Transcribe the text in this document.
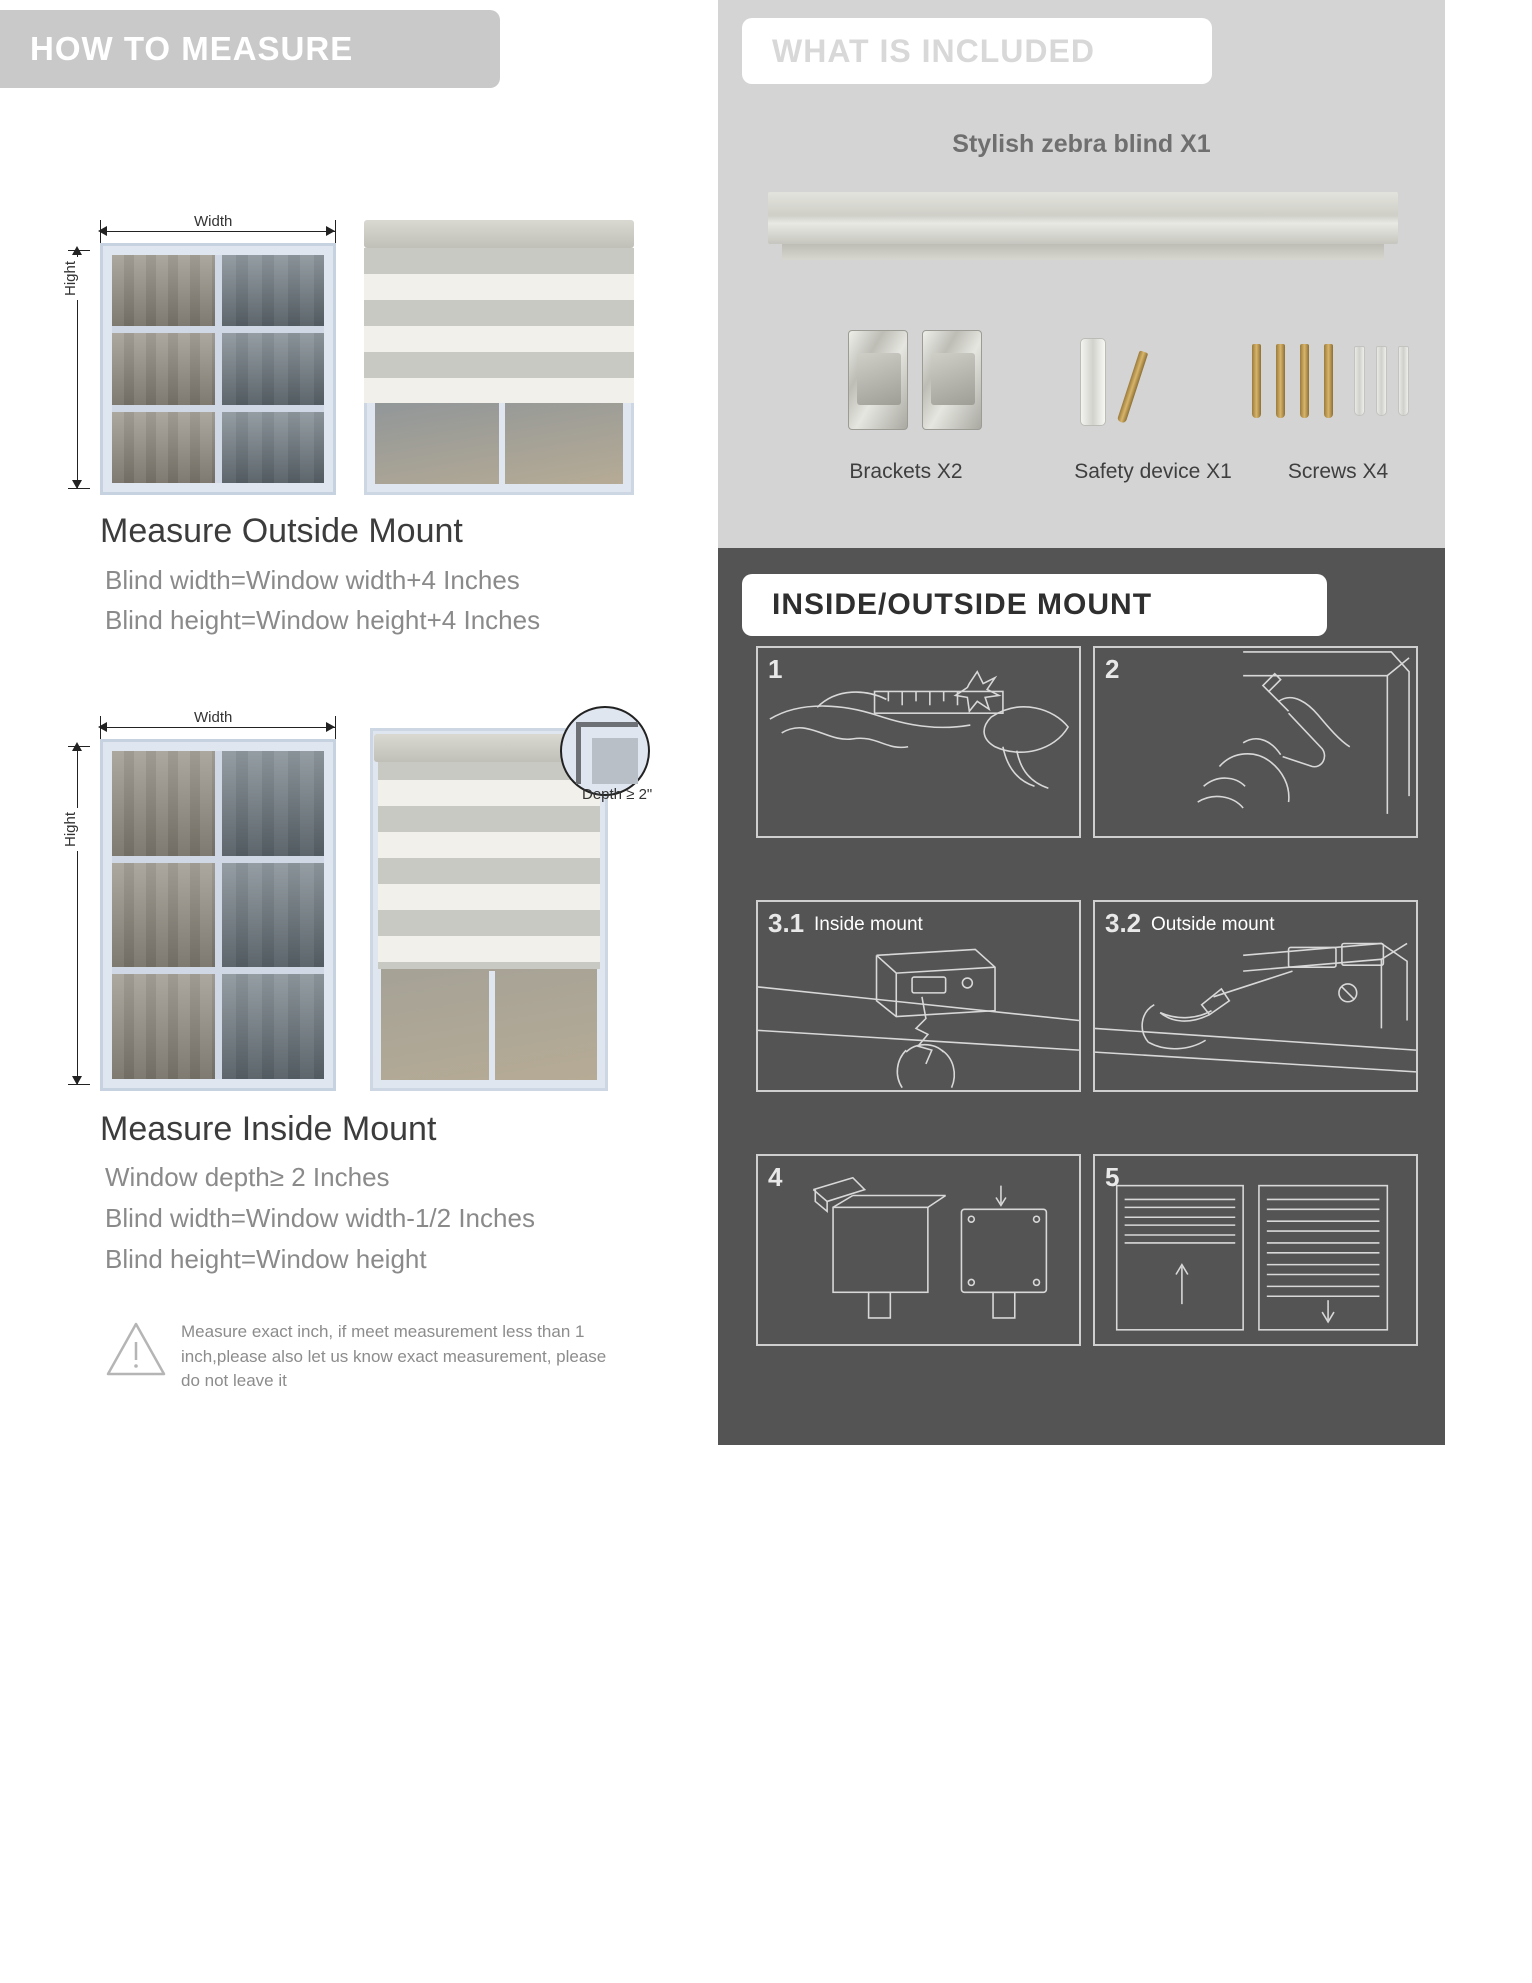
HOW TO MEASURE
Width
Hight
Measure Outside Mount
Blind width=Window width+4 Inches
Blind height=Window height+4 Inches
Width
Hight
Depth ≥ 2"
Measure Inside Mount
Window depth≥ 2 Inches
Blind width=Window width-1/2 Inches
Blind height=Window height
Measure exact inch, if meet measurement less than 1 inch,please also let us know exact measurement, please do not leave it
WHAT IS INCLUDED
Stylish zebra blind X1
Brackets X2	Safety device X1	Screws X4
INSIDE/OUTSIDE MOUNT
1	2
Punch at marked position
3.1 Inside mount
Drill holes & Inside bracket
3.2 Outside mount
Drill holes & Inside bracket
4
Install the blind
5
Finish
